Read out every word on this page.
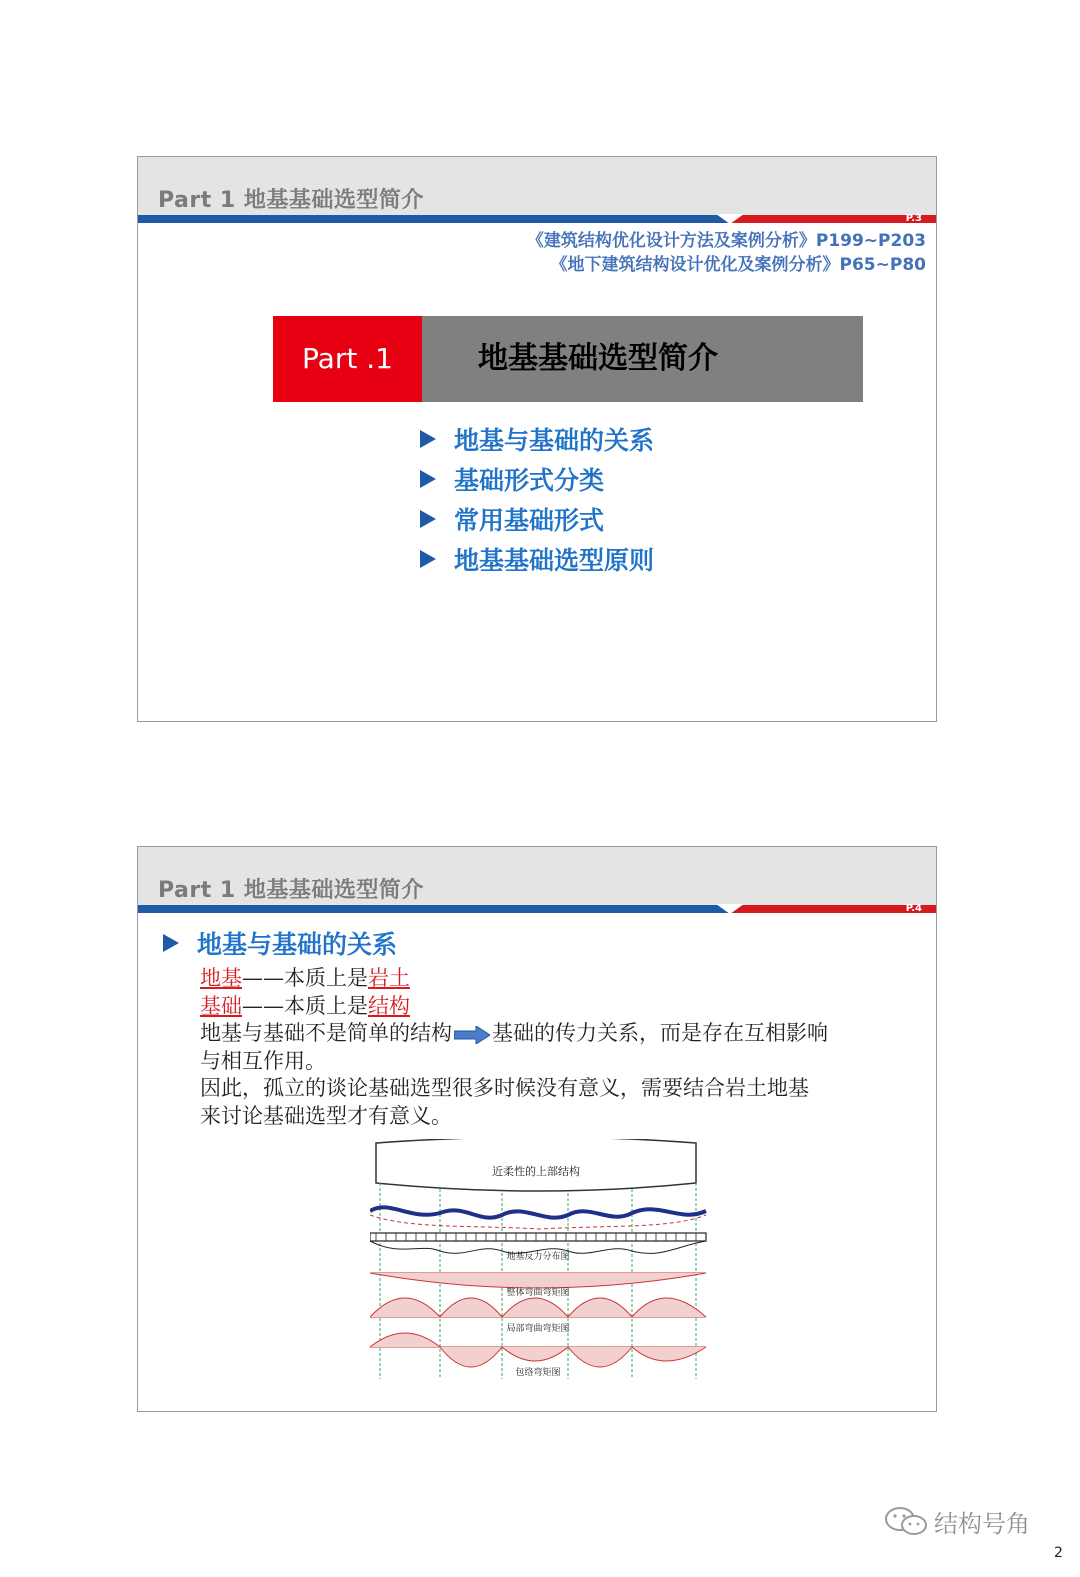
Part 1 地基基础选型简介
P.3
《建筑结构优化设计方法及案例分析》P199~P203
《地下建筑结构设计优化及案例分析》P65~P80
Part .1	地基基础选型简介
地基与基础的关系
基础形式分类
常用基础形式
地基基础选型原则
Part 1 地基基础选型简介
P.4
地基与基础的关系
地基——本质上是岩土
基础——本质上是结构
地基与基础不是简单的结构 基础的传力关系，而是存在互相影响
与相互作用。
因此，孤立的谈论基础选型很多时候没有意义，需要结合岩土地基
来讨论基础选型才有意义。
近柔性的上部结构
地基反力分布图
整体弯曲弯矩图
局部弯曲弯矩图
包络弯矩图
结构号角
2
